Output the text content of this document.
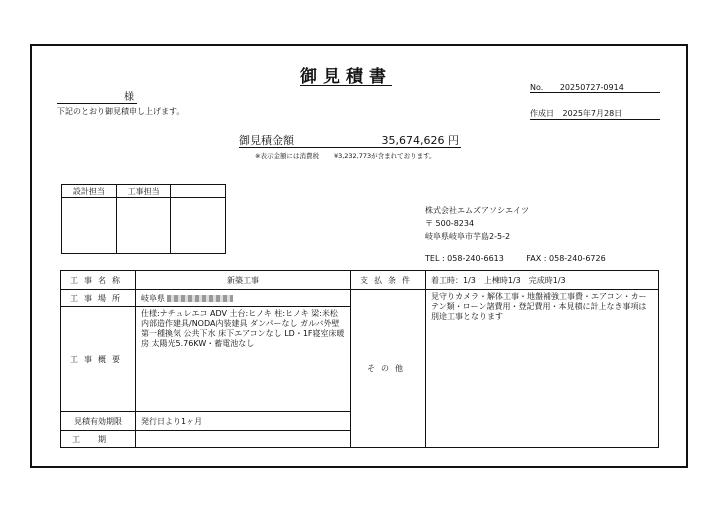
御見積書
様
下記のとおり御見積申し上げます。
No. 20250727-0914
作成日 2025年7月28日
御見積金額	35,674,626 円
※表示金額には消費税 ¥3,232,773が含まれております。
設計担当	工事担当	

株式会社エムズアソシエイツ
〒 500-8234
岐阜県岐阜市芋島2-5-2
TEL : 058-240-6613	FAX : 058-240-6726
工事名称	新築工事	支払条件	着工時：1/3　上棟時1/3　完成時1/3
工事場所	岐阜県	その他	見守りカメラ・解体工事・地盤補強工事費・エアコン・カーテン類・ローン諸費用・登記費用・本見積に計上なき事項は別途工事となります
工事概要	仕様:ナチュレエコ ADV 土台:ヒノキ 柱:ヒノキ 梁:米松 内部造作建具/NODA内装建具 ダンパーなし ガルバ外壁 第一種換気 公共下水 床下エアコンなし LD・1F寝室床暖房 太陽光5.76KW・蓄電池なし		
見積有効期限	発行日より1ヶ月		
工期			
